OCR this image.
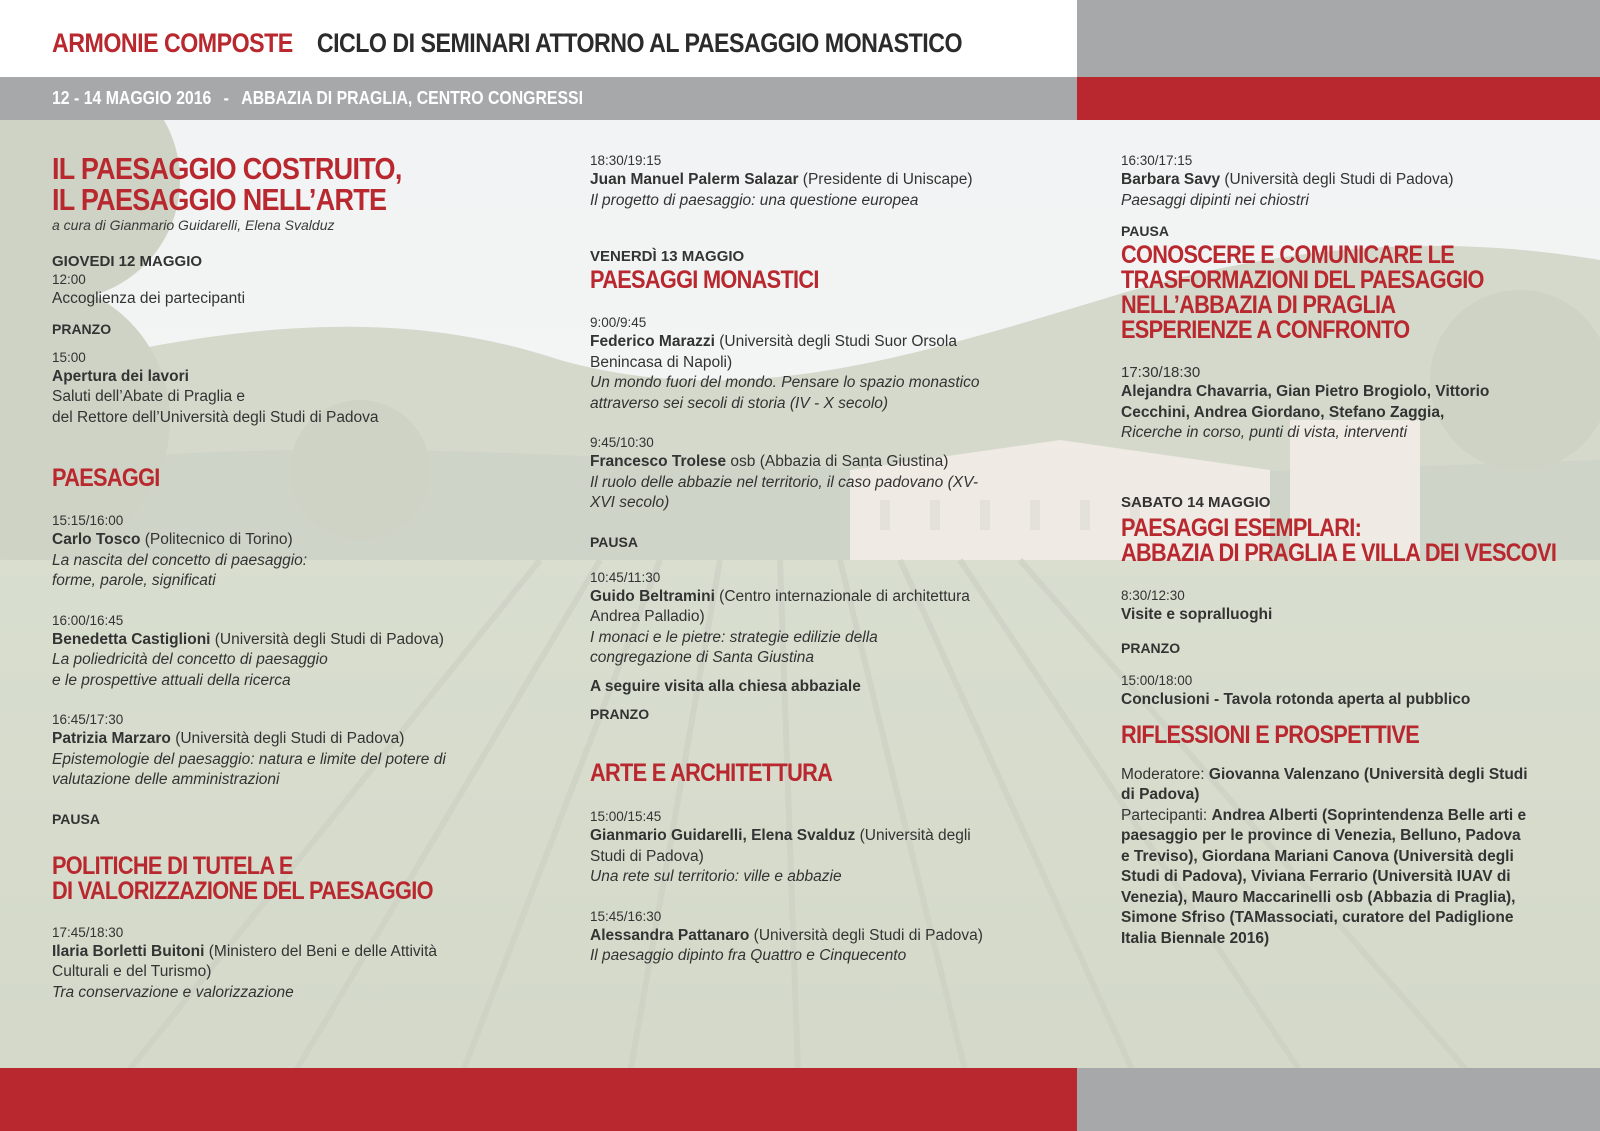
ARMONIE COMPOSTE CICLO DI SEMINARI ATTORNO AL PAESAGGIO MONASTICO
12 - 14 MAGGIO 2016 - ABBAZIA DI PRAGLIA, CENTRO CONGRESSI

IL PAESAGGIO COSTRUITO,

IL PAESAGGIO NELL’ARTE

a cura di Gianmario Guidarelli, Elena Svalduz

GIOVEDI 12 MAGGIO

12:00

Accoglienza dei partecipanti

PRANZO

15:00

Apertura dei lavori

Saluti dell’Abate di Praglia e

del Rettore dell’Università degli Studi di Padova

PAESAGGI

15:15/16:00

Carlo Tosco (Politecnico di Torino)

La nascita del concetto di paesaggio:

forme, parole, significati

16:00/16:45

Benedetta Castiglioni (Università degli Studi di Padova)

La poliedricità del concetto di paesaggio

e le prospettive attuali della ricerca

16:45/17:30

Patrizia Marzaro (Università degli Studi di Padova)

Epistemologie del paesaggio: natura e limite del potere di

valutazione delle amministrazioni

PAUSA

POLITICHE DI TUTELA E

DI VALORIZZAZIONE DEL PAESAGGIO

17:45/18:30

Ilaria Borletti Buitoni (Ministero del Beni e delle Attività

Culturali e del Turismo)

Tra conservazione e valorizzazione

18:30/19:15

Juan Manuel Palerm Salazar (Presidente di Uniscape)

Il progetto di paesaggio: una questione europea

VENERDÌ 13 MAGGIO

PAESAGGI MONASTICI

9:00/9:45

Federico Marazzi (Università degli Studi Suor Orsola

Benincasa di Napoli)

Un mondo fuori del mondo. Pensare lo spazio monastico

attraverso sei secoli di storia (IV - X secolo)

9:45/10:30

Francesco Trolese osb (Abbazia di Santa Giustina)

Il ruolo delle abbazie nel territorio, il caso padovano (XV-

XVI secolo)

PAUSA

10:45/11:30

Guido Beltramini (Centro internazionale di architettura

Andrea Palladio)

I monaci e le pietre: strategie edilizie della

congregazione di Santa Giustina

A seguire visita alla chiesa abbaziale

PRANZO

ARTE E ARCHITETTURA

15:00/15:45

Gianmario Guidarelli, Elena Svalduz (Università degli

Studi di Padova)

Una rete sul territorio: ville e abbazie

15:45/16:30

Alessandra Pattanaro (Università degli Studi di Padova)

Il paesaggio dipinto fra Quattro e Cinquecento

16:30/17:15

Barbara Savy (Università degli Studi di Padova)

Paesaggi dipinti nei chiostri

PAUSA

CONOSCERE E COMUNICARE LE

TRASFORMAZIONI DEL PAESAGGIO

NELL’ABBAZIA DI PRAGLIA

ESPERIENZE A CONFRONTO

17:30/18:30

Alejandra Chavarria, Gian Pietro Brogiolo, Vittorio

Cecchini, Andrea Giordano, Stefano Zaggia,

Ricerche in corso, punti di vista, interventi

SABATO 14 MAGGIO

PAESAGGI ESEMPLARI:

ABBAZIA DI PRAGLIA E VILLA DEI VESCOVI

8:30/12:30

Visite e sopralluoghi

PRANZO

15:00/18:00

Conclusioni - Tavola rotonda aperta al pubblico

RIFLESSIONI E PROSPETTIVE

Moderatore: Giovanna Valenzano (Università degli Studi

di Padova)

Partecipanti: Andrea Alberti (Soprintendenza Belle arti e

paesaggio per le province di Venezia, Belluno, Padova

e Treviso), Giordana Mariani Canova (Università degli

Studi di Padova), Viviana Ferrario (Università IUAV di

Venezia), Mauro Maccarinelli osb (Abbazia di Praglia),

Simone Sfriso (TAMassociati, curatore del Padiglione

Italia Biennale 2016)
